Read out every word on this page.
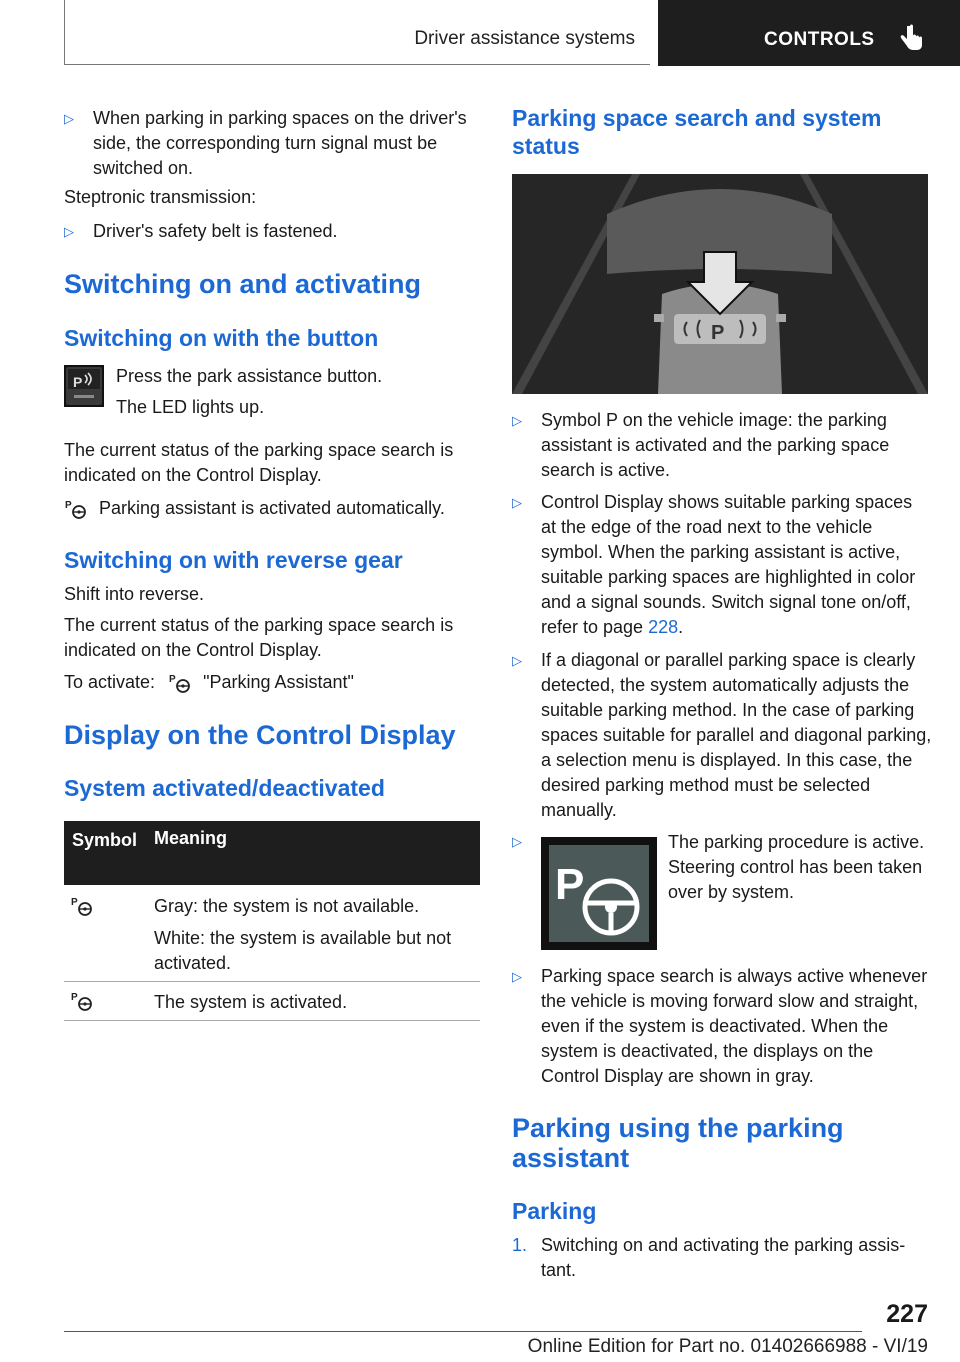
Driver assistance systems	CONTROLS
▷ When parking in parking spaces on the driver's side, the corresponding turn signal must be switched on.

Steptronic transmission:

▷ Driver's safety belt is fastened.
Switching on and activating
Switching on with the button
P Press the park assistance button.

The LED lights up.

The current status of the parking space search is indicated on the Control Display.

P Parking assistant is activated automatically.
Switching on with reverse gear

Shift into reverse.

The current status of the parking space search is indicated on the Control Display.

To activate: P "Parking Assistant"
Display on the Control Display
System activated/deactivated
Symbol Meaning
P	Gray: the system is not available.

White: the system is available but not activated.

P	The system is activated.

Parking space search and system status
P
▷ Symbol P on the vehicle image: the parking assistant is activated and the parking space search is active.
▷ Control Display shows suitable parking spaces at the edge of the road next to the vehicle symbol. When the parking assistant is active, suitable parking spaces are highlighted in color and a signal sounds. Switch signal tone on/off, refer to page 228.
▷ If a diagonal or parallel parking space is clearly detected, the system automatically adjusts the suitable parking method. In the case of parking spaces suitable for parallel and diagonal parking, a selection menu is displayed. In this case, the desired parking method must be selected manually.
▷
P

The parking procedure is active. Steering control has been taken over by system.

▷ Parking space search is always active whenever the vehicle is moving forward slow and straight, even if the system is deactivated. When the system is deactivated, the displays on the Control Display are shown in gray.
Parking using the parking assistant
Parking
1. Switching on and activating the parking assistant.
227
Online Edition for Part no. 01402666988 - VI/19
